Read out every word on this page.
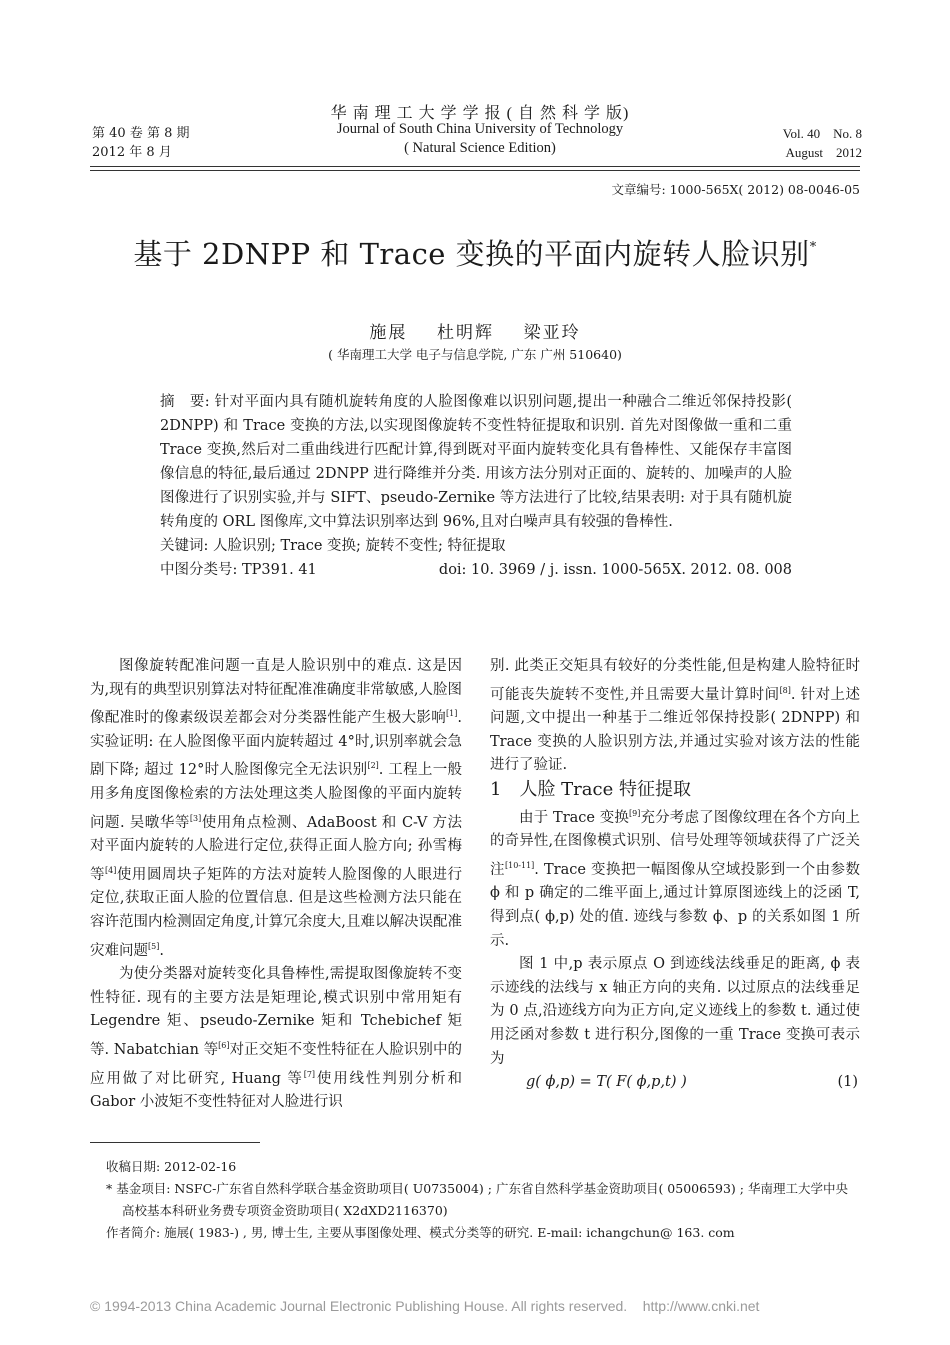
华 南 理 工 大 学 学 报 ( 自 然 科 学 版)
Journal of South China University of Technology
( Natural Science Edition)
第 40 卷 第 8 期
2012 年 8 月
Vol. 40    No. 8
August    2012
文章编号: 1000-565X( 2012) 08-0046-05
基于 2DNPP 和 Trace 变换的平面内旋转人脸识别*
施展    杜明辉    梁亚玲
( 华南理工大学 电子与信息学院, 广东 广州 510640)

摘　要: 针对平面内具有随机旋转角度的人脸图像难以识别问题,提出一种融合二维近邻保持投影( 2DNPP) 和 Trace 变换的方法,以实现图像旋转不变性特征提取和识别. 首先对图像做一重和二重 Trace 变换,然后对二重曲线进行匹配计算,得到既对平面内旋转变化具有鲁棒性、又能保存丰富图像信息的特征,最后通过 2DNPP 进行降维并分类. 用该方法分别对正面的、旋转的、加噪声的人脸图像进行了识别实验,并与 SIFT、pseudo-Zernike 等方法进行了比较,结果表明: 对于具有随机旋转角度的 ORL 图像库,文中算法识别率达到 96%,且对白噪声具有较强的鲁棒性.

关键词: 人脸识别; Trace 变换; 旋转不变性; 特征提取

中图分类号: TP391. 41	doi: 10. 3969 / j. issn. 1000-565X. 2012. 08. 008

图像旋转配准问题一直是人脸识别中的难点. 这是因为,现有的典型识别算法对特征配准准确度非常敏感,人脸图像配准时的像素级误差都会对分类器性能产生极大影响[1]. 实验证明: 在人脸图像平面内旋转超过 4°时,识别率就会急剧下降; 超过 12°时人脸图像完全无法识别[2]. 工程上一般用多角度图像检索的方法处理这类人脸图像的平面内旋转问题. 吴暾华等[3]使用角点检测、AdaBoost 和 C-V 方法对平面内旋转的人脸进行定位,获得正面人脸方向; 孙雪梅等[4]使用圆周块子矩阵的方法对旋转人脸图像的人眼进行定位,获取正面人脸的位置信息. 但是这些检测方法只能在容许范围内检测固定角度,计算冗余度大,且难以解决误配准灾难问题[5].

为使分类器对旋转变化具鲁棒性,需提取图像旋转不变性特征. 现有的主要方法是矩理论,模式识别中常用矩有 Legendre 矩、pseudo-Zernike 矩和 Tchebichef 矩等. Nabatchian 等[6]对正交矩不变性特征在人脸识别中的应用做了对比研究, Huang 等[7]使用线性判别分析和 Gabor 小波矩不变性特征对人脸进行识

别. 此类正交矩具有较好的分类性能,但是构建人脸特征时可能丧失旋转不变性,并且需要大量计算时间[8]. 针对上述问题,文中提出一种基于二维近邻保持投影( 2DNPP) 和 Trace 变换的人脸识别方法,并通过实验对该方法的性能进行了验证.

1　人脸 Trace 特征提取

由于 Trace 变换[9]充分考虑了图像纹理在各个方向上的奇异性,在图像模式识别、信号处理等领域获得了广泛关注[10-11]. Trace 变换把一幅图像从空域投影到一个由参数 ϕ 和 p 确定的二维平面上,通过计算原图迹线上的泛函 T,得到点( ϕ,p) 处的值. 迹线与参数 ϕ、p 的关系如图 1 所示.

图 1 中,p 表示原点 O 到迹线法线垂足的距离, ϕ 表示迹线的法线与 x 轴正方向的夹角. 以过原点的法线垂足为 0 点,沿迹线方向为正方向,定义迹线上的参数 t. 通过使用泛函对参数 t 进行积分,图像的一重 Trace 变换可表示为

g( ϕ,p) = T( F( ϕ,p,t) )	(1)

收稿日期: 2012-02-16

* 基金项目: NSFC-广东省自然科学联合基金资助项目( U0735004) ; 广东省自然科学基金资助项目( 05006593) ; 华南理工大学中央高校基本科研业务费专项资金资助项目( X2dXD2116370)

作者简介: 施展( 1983-) , 男, 博士生, 主要从事图像处理、模式分类等的研究. E-mail: ichangchun@ 163. com

© 1994-2013 China Academic Journal Electronic Publishing House. All rights reserved.    http://www.cnki.net
